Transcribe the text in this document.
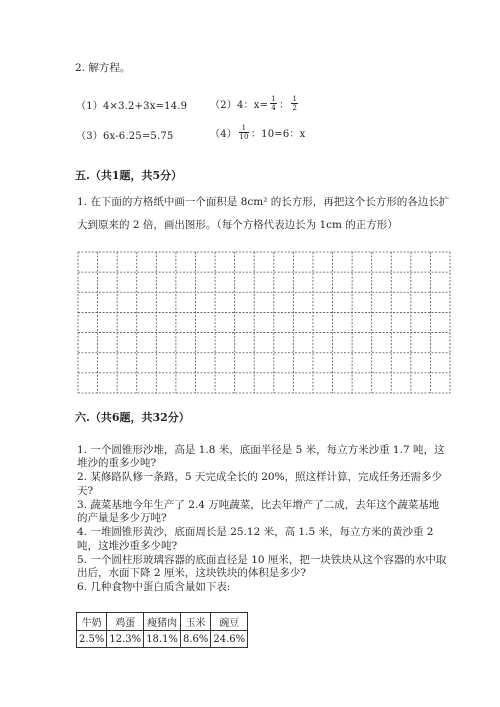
2. 解方程。
（1）4×3.2+3x=14.9 （2）4：$x= \frac{1}{4}$ ： $\frac{1}{2}$
（3）6x-6.25=5.75	$(4) \frac{1}{10}$ ：10=6：x
五.（共1题，共5分）
1. 在下面的方格纸中画一个面积是 8cm² 的长方形，再把这个长方形的各边长扩
大到原来的 2 倍，画出图形。（每个方格代表边长为 1cm 的正方形）
六.（共6题，共32分）
1. 一个圆锥形沙堆，高是 1.8 米，底面半径是 5 米，每立方米沙重 1.7 吨，这
堆沙的重多少吨?
2. 某修路队修一条路，5 天完成全长的 20%，照这样计算，完成任务还需多少
天?
3. 蔬菜基地今年生产了 2.4 万吨蔬菜，比去年增产了二成，去年这个蔬菜基地
的产量是多少万吨?
4. 一堆圆锥形黄沙，底面周长是 25.12 米，高 1.5 米，每立方米的黄沙重 2
吨，这堆沙重多少吨?
5. 一个圆柱形玻璃容器的底面直径是 10 厘米，把一块铁块从这个容器的水中取
出后，水面下降 2 厘米，这块铁块的体积是多少?
6. 几种食物中蛋白质含量如下表:
牛奶	鸡蛋	瘦猪肉	玉米	豌豆
2.5%	12.3%	18.1%	8.6%	24.6%
